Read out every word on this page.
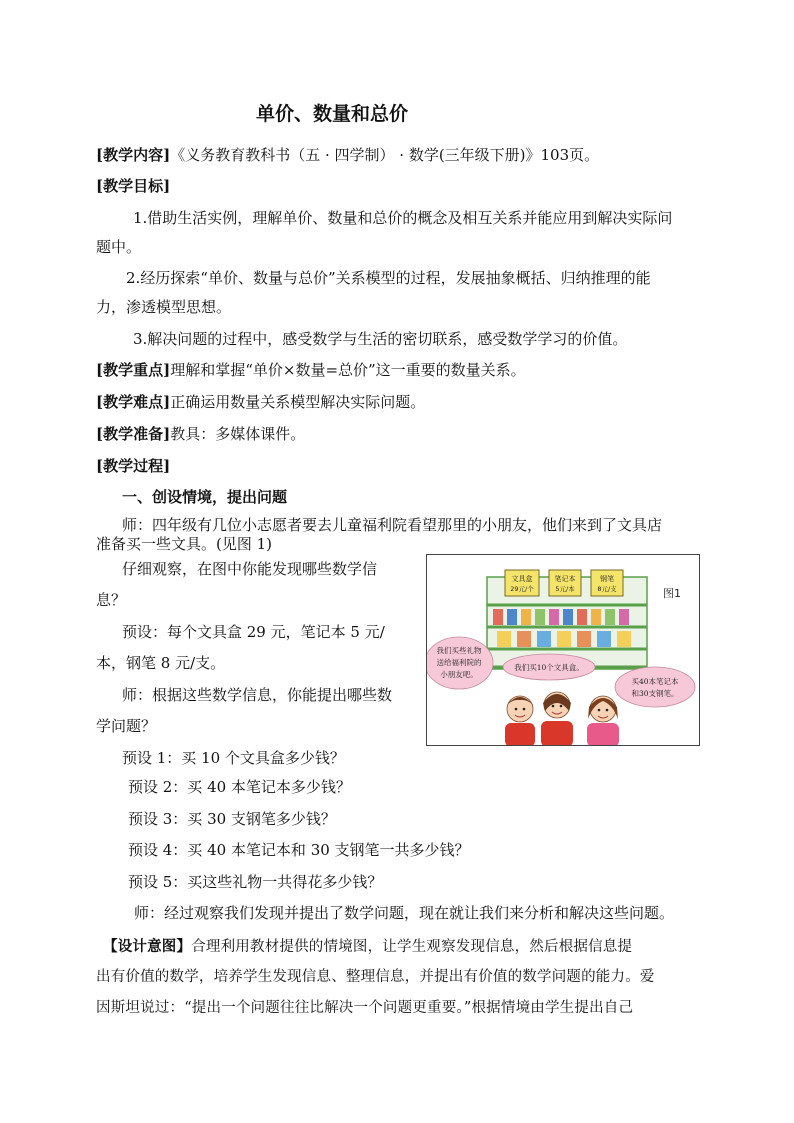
单价、数量和总价
[教学内容]《义务教育教科书（五 · 四学制） · 数学(三年级下册)》103页。
[教学目标]
1.借助生活实例，理解单价、数量和总价的概念及相互关系并能应用到解决实际问
题中。
2.经历探索“单价、数量与总价”关系模型的过程，发展抽象概括、归纳推理的能
力，渗透模型思想。
3.解决问题的过程中，感受数学与生活的密切联系，感受数学学习的价值。
[教学重点]理解和掌握“单价×数量=总价”这一重要的数量关系。
[教学难点]正确运用数量关系模型解决实际问题。
[教学准备]教具：多媒体课件。
[教学过程]
一、创设情境，提出问题
师：四年级有几位小志愿者要去儿童福利院看望那里的小朋友，他们来到了文具店
准备买一些文具。(见图 1)
仔细观察，在图中你能发现哪些数学信
息？
预设：每个文具盒 29 元，笔记本 5 元/
本，钢笔 8 元/支。
师：根据这些数学信息，你能提出哪些数
学问题？
预设 1：买 10 个文具盒多少钱？
预设 2：买 40 本笔记本多少钱？
预设 3：买 30 支钢笔多少钱？
预设 4：买 40 本笔记本和 30 支钢笔一共多少钱？
预设 5：买这些礼物一共得花多少钱？
师：经过观察我们发现并提出了数学问题，现在就让我们来分析和解决这些问题。
【设计意图】合理利用教材提供的情境图，让学生观察发现信息，然后根据信息提
出有价值的数学，培养学生发现信息、整理信息，并提出有价值的数学问题的能力。爱
因斯坦说过：“提出一个问题往往比解决一个问题更重要。”根据情境由学生提出自己
文具盒
29元/个
笔记本
5元/本
钢笔
8元/支	图1
我们买些礼物
送给福利院的
小朋友吧。
我们买10个文具盒。
买40本笔记本
和30支钢笔。
